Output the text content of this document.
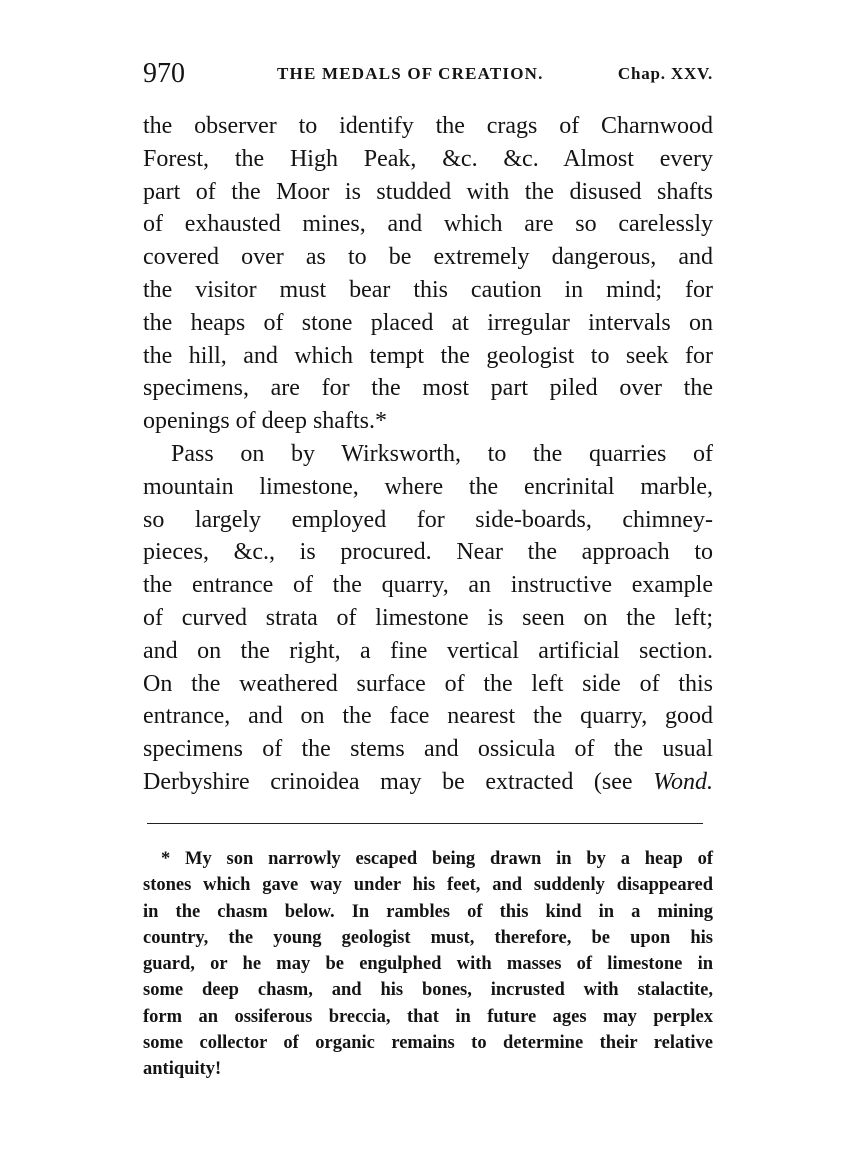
970	THE MEDALS OF CREATION.	Chap. XXV.
the observer to identify the crags of Charnwood
Forest, the High Peak, &c. &c. Almost every
part of the Moor is studded with the disused shafts
of exhausted mines, and which are so carelessly
covered over as to be extremely dangerous, and
the visitor must bear this caution in mind; for
the heaps of stone placed at irregular intervals on
the hill, and which tempt the geologist to seek for
specimens, are for the most part piled over the
openings of deep shafts.*
Pass on by Wirksworth, to the quarries of
mountain limestone, where the encrinital marble,
so largely employed for side-boards, chimney-
pieces, &c., is procured. Near the approach to
the entrance of the quarry, an instructive example
of curved strata of limestone is seen on the left;
and on the right, a fine vertical artificial section.
On the weathered surface of the left side of this
entrance, and on the face nearest the quarry, good
specimens of the stems and ossicula of the usual
Derbyshire crinoidea may be extracted (see Wond.
* My son narrowly escaped being drawn in by a heap of
stones which gave way under his feet, and suddenly disappeared
in the chasm below. In rambles of this kind in a mining
country, the young geologist must, therefore, be upon his
guard, or he may be engulphed with masses of limestone in
some deep chasm, and his bones, incrusted with stalactite,
form an ossiferous breccia, that in future ages may perplex
some collector of organic remains to determine their relative
antiquity!
